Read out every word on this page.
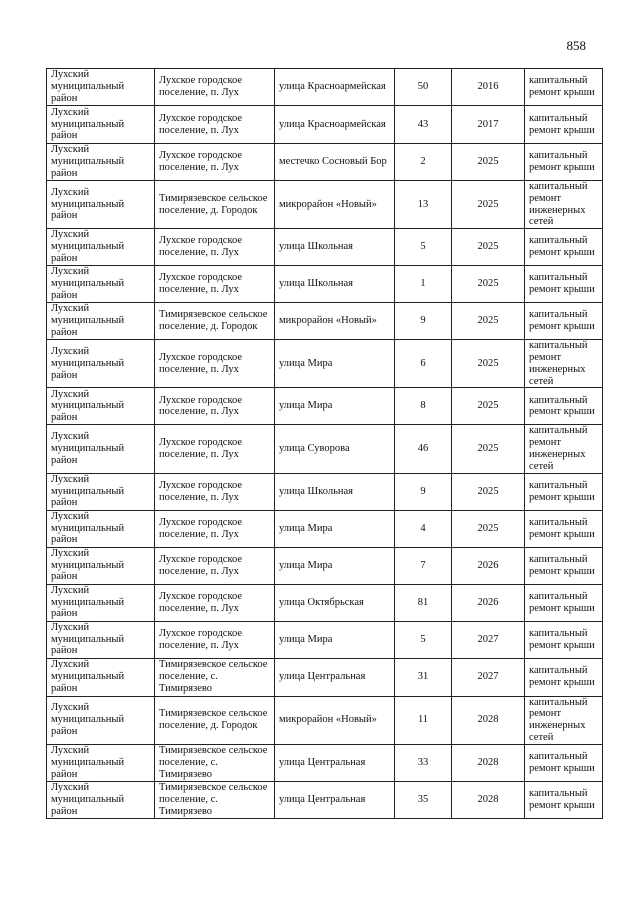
858
Лухский муниципальный район	Лухское городское поселение, п. Лух	улица Красноармейская	50	2016	капитальный ремонт крыши
Лухский муниципальный район	Лухское городское поселение, п. Лух	улица Красноармейская	43	2017	капитальный ремонт крыши
Лухский муниципальный район	Лухское городское поселение, п. Лух	местечко Сосновый Бор	2	2025	капитальный ремонт крыши
Лухский муниципальный район	Тимирязевское сельское поселение, д. Городок	микрорайон «Новый»	13	2025	капитальный ремонт инженерных сетей
Лухский муниципальный район	Лухское городское поселение, п. Лух	улица Школьная	5	2025	капитальный ремонт крыши
Лухский муниципальный район	Лухское городское поселение, п. Лух	улица Школьная	1	2025	капитальный ремонт крыши
Лухский муниципальный район	Тимирязевское сельское поселение, д. Городок	микрорайон «Новый»	9	2025	капитальный ремонт крыши
Лухский муниципальный район	Лухское городское поселение, п. Лух	улица Мира	6	2025	капитальный ремонт инженерных сетей
Лухский муниципальный район	Лухское городское поселение, п. Лух	улица Мира	8	2025	капитальный ремонт крыши
Лухский муниципальный район	Лухское городское поселение, п. Лух	улица Суворова	46	2025	капитальный ремонт инженерных сетей
Лухский муниципальный район	Лухское городское поселение, п. Лух	улица Школьная	9	2025	капитальный ремонт крыши
Лухский муниципальный район	Лухское городское поселение, п. Лух	улица Мира	4	2025	капитальный ремонт крыши
Лухский муниципальный район	Лухское городское поселение, п. Лух	улица Мира	7	2026	капитальный ремонт крыши
Лухский муниципальный район	Лухское городское поселение, п. Лух	улица Октябрьская	81	2026	капитальный ремонт крыши
Лухский муниципальный район	Лухское городское поселение, п. Лух	улица Мира	5	2027	капитальный ремонт крыши
Лухский муниципальный район	Тимирязевское сельское поселение, с. Тимирязево	улица Центральная	31	2027	капитальный ремонт крыши
Лухский муниципальный район	Тимирязевское сельское поселение, д. Городок	микрорайон «Новый»	11	2028	капитальный ремонт инженерных сетей
Лухский муниципальный район	Тимирязевское сельское поселение, с. Тимирязево	улица Центральная	33	2028	капитальный ремонт крыши
Лухский муниципальный район	Тимирязевское сельское поселение, с. Тимирязево	улица Центральная	35	2028	капитальный ремонт крыши
